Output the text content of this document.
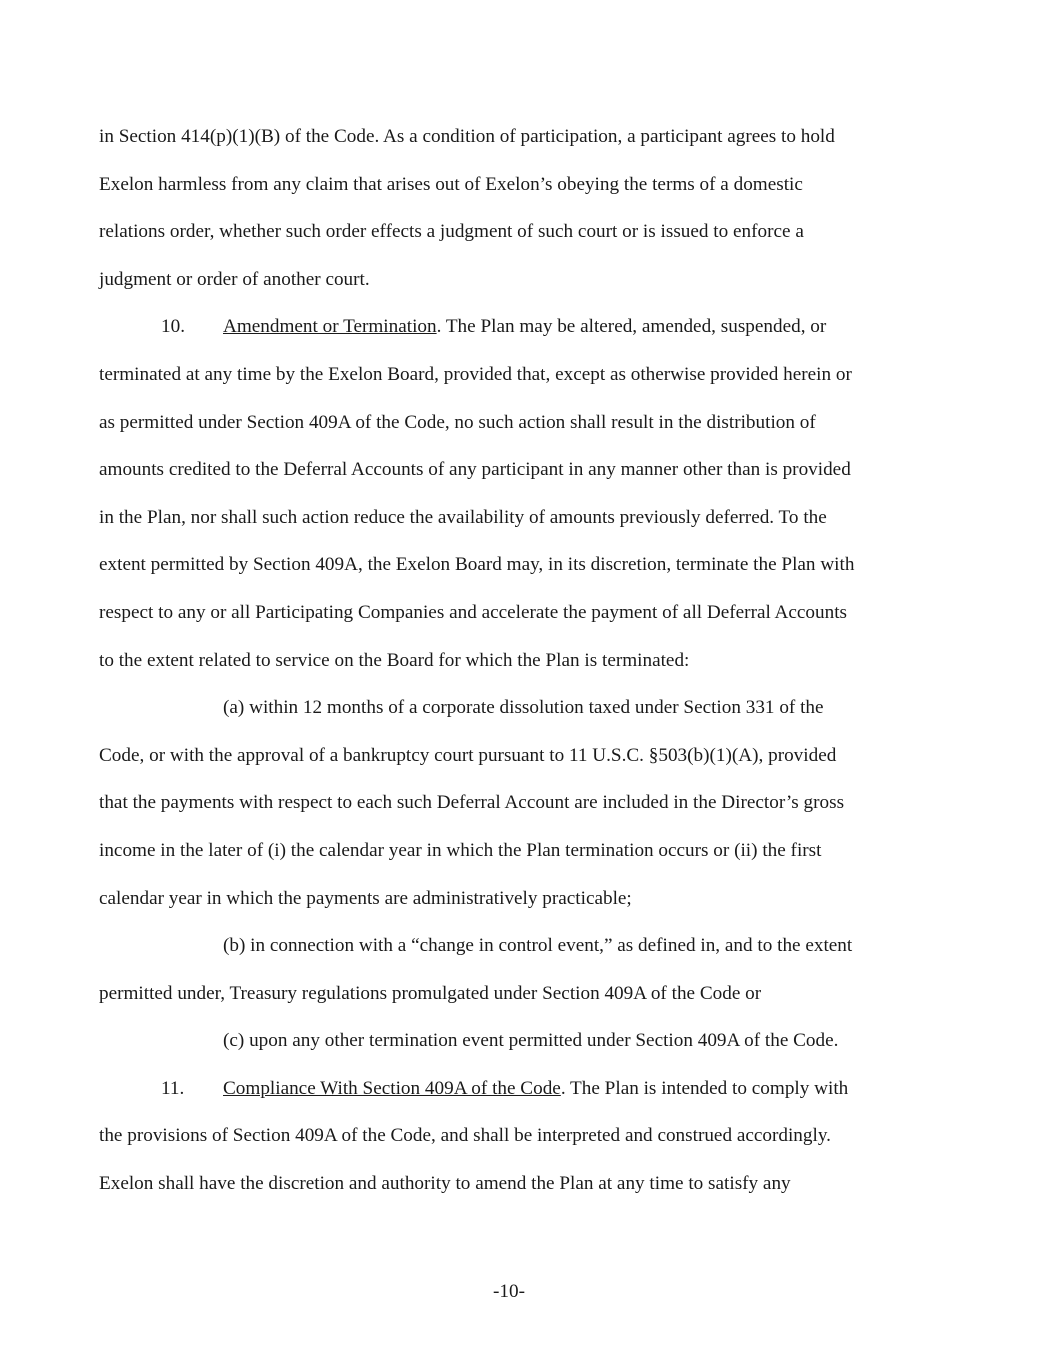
in Section 414(p)(1)(B) of the Code. As a condition of participation, a participant agrees to hold

Exelon harmless from any claim that arises out of Exelon’s obeying the terms of a domestic

relations order, whether such order effects a judgment of such court or is issued to enforce a

judgment or order of another court.

10. Amendment or Termination. The Plan may be altered, amended, suspended, or

terminated at any time by the Exelon Board, provided that, except as otherwise provided herein or

as permitted under Section 409A of the Code, no such action shall result in the distribution of

amounts credited to the Deferral Accounts of any participant in any manner other than is provided

in the Plan, nor shall such action reduce the availability of amounts previously deferred. To the

extent permitted by Section 409A, the Exelon Board may, in its discretion, terminate the Plan with

respect to any or all Participating Companies and accelerate the payment of all Deferral Accounts

to the extent related to service on the Board for which the Plan is terminated:

(a) within 12 months of a corporate dissolution taxed under Section 331 of the

Code, or with the approval of a bankruptcy court pursuant to 11 U.S.C. §503(b)(1)(A), provided

that the payments with respect to each such Deferral Account are included in the Director’s gross

income in the later of (i) the calendar year in which the Plan termination occurs or (ii) the first

calendar year in which the payments are administratively practicable;

(b) in connection with a “change in control event,” as defined in, and to the extent

permitted under, Treasury regulations promulgated under Section 409A of the Code or

(c) upon any other termination event permitted under Section 409A of the Code.

11. Compliance With Section 409A of the Code. The Plan is intended to comply with

the provisions of Section 409A of the Code, and shall be interpreted and construed accordingly.

Exelon shall have the discretion and authority to amend the Plan at any time to satisfy any

-10-
